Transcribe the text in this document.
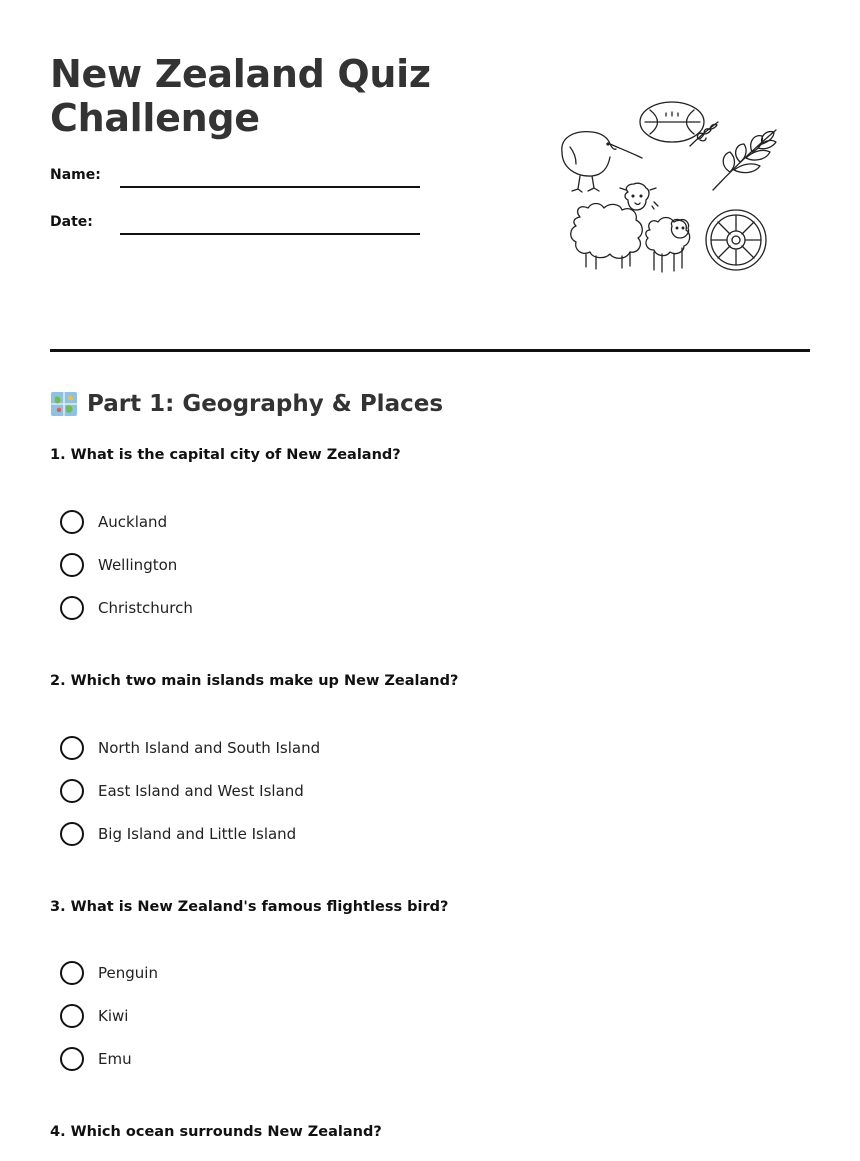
New Zealand Quiz Challenge
Name:
Date:
Part 1: Geography & Places

1. What is the capital city of New Zealand?

Auckland
Wellington
Christchurch

2. Which two main islands make up New Zealand?

North Island and South Island
East Island and West Island
Big Island and Little Island

3. What is New Zealand's famous flightless bird?

Penguin
Kiwi
Emu

4. Which ocean surrounds New Zealand?
